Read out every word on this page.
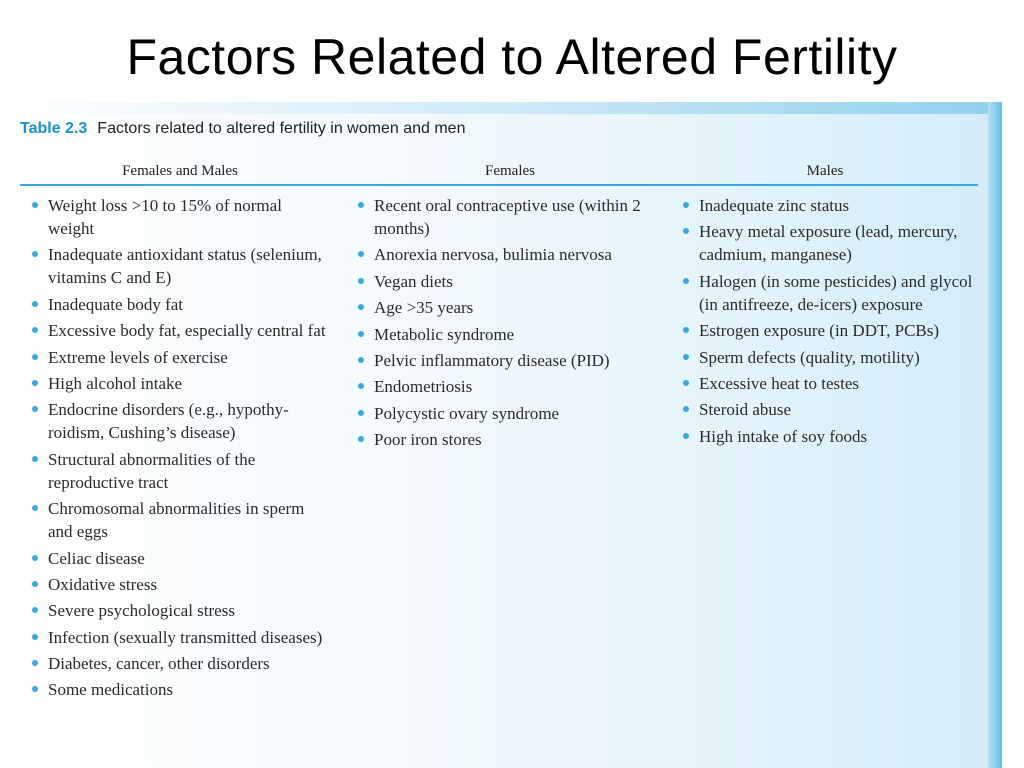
Factors Related to Altered Fertility
Table 2.3 Factors related to altered fertility in women and men
Females and Males	Females	Males
Weight loss >10 to 15% of normal weight
Inadequate antioxidant status (selenium, vitamins C and E)
Inadequate body fat
Excessive body fat, especially central fat
Extreme levels of exercise
High alcohol intake
Endocrine disorders (e.g., hypothy-roidism, Cushing’s disease)
Structural abnormalities of the reproductive tract
Chromosomal abnormalities in sperm and eggs
Celiac disease
Oxidative stress
Severe psychological stress
Infection (sexually transmitted diseases)
Diabetes, cancer, other disorders
Some medications
Recent oral contraceptive use (within 2 months)
Anorexia nervosa, bulimia nervosa
Vegan diets
Age >35 years
Metabolic syndrome
Pelvic inflammatory disease (PID)
Endometriosis
Polycystic ovary syndrome
Poor iron stores
Inadequate zinc status
Heavy metal exposure (lead, mercury, cadmium, manganese)
Halogen (in some pesticides) and glycol (in antifreeze, de-icers) exposure
Estrogen exposure (in DDT, PCBs)
Sperm defects (quality, motility)
Excessive heat to testes
Steroid abuse
High intake of soy foods
